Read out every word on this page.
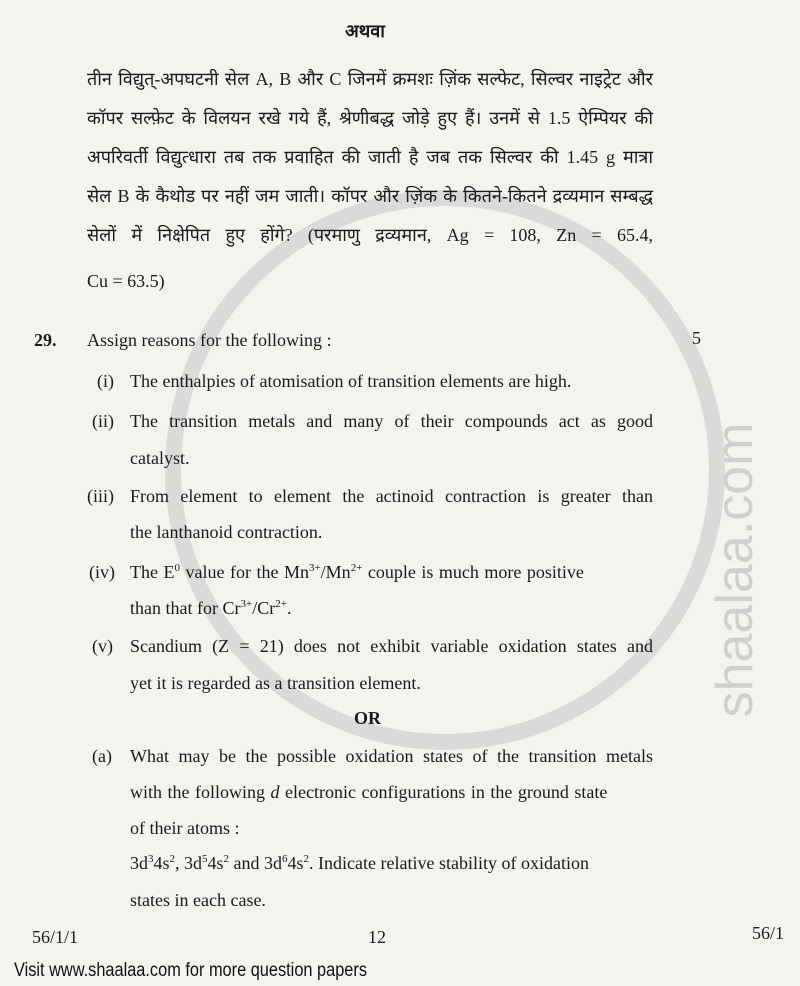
shaalaa.com
अथवा
तीन विद्युत्-अपघटनी सेल A, B और C जिनमें क्रमशः ज़िंक सल्फेट, सिल्वर नाइट्रेट और
कॉपर सल्फ़ेट के विलयन रखे गये हैं, श्रेणीबद्ध जोड़े हुए हैं। उनमें से 1.5 ऐम्पियर की
अपरिवर्ती विद्युत्धारा तब तक प्रवाहित की जाती है जब तक सिल्वर की 1.45 g मात्रा
सेल B के कैथोड पर नहीं जम जाती। कॉपर और ज़िंक के कितने-कितने द्रव्यमान सम्बद्ध
सेलों में निक्षेपित हुए होंगे? (परमाणु द्रव्यमान, Ag = 108, Zn = 65.4,
Cu = 63.5)
29. Assign reasons for the following :	5
(i) The enthalpies of atomisation of transition elements are high.
(ii) The transition metals and many of their compounds act as good
catalyst.
(iii) From element to element the actinoid contraction is greater than
the lanthanoid contraction.
(iv) The $E^0$ value for the $Mn^{3+}/Mn^{2+}$ couple is much more positive
than that for $Cr^{3+}/Cr^{2+}$.
(v) Scandium (Z = 21) does not exhibit variable oxidation states and
yet it is regarded as a transition element.
OR
(a) What may be the possible oxidation states of the transition metals
with the following d electronic configurations in the ground state
of their atoms :
$3d^34s^2$, $3d^54s^2$ and $3d^64s^2$. Indicate relative stability of oxidation
states in each case.
56/1/1	12	56/1
Visit www.shaalaa.com for more question papers
